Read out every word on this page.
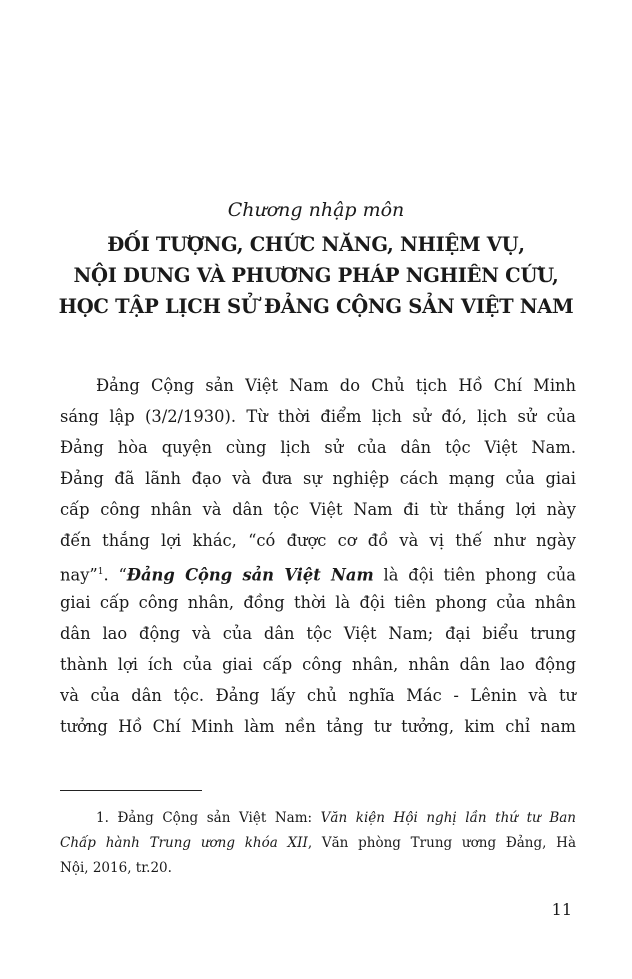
Chương nhập môn
ĐỐI TƯỢNG, CHỨC NĂNG, NHIỆM VỤ,
NỘI DUNG VÀ PHƯƠNG PHÁP NGHIÊN CỨU,
HỌC TẬP LỊCH SỬ ĐẢNG CỘNG SẢN VIỆT NAM
Đảng Cộng sản Việt Nam do Chủ tịch Hồ Chí Minh
sáng lập (3/2/1930). Từ thời điểm lịch sử đó, lịch sử của
Đảng hòa quyện cùng lịch sử của dân tộc Việt Nam.
Đảng đã lãnh đạo và đưa sự nghiệp cách mạng của giai
cấp công nhân và dân tộc Việt Nam đi từ thắng lợi này
đến thắng lợi khác, “có được cơ đồ và vị thế như ngày
nay”$^1$. “Đảng Cộng sản Việt Nam là đội tiên phong của
giai cấp công nhân, đồng thời là đội tiên phong của nhân
dân lao động và của dân tộc Việt Nam; đại biểu trung
thành lợi ích của giai cấp công nhân, nhân dân lao động
và của dân tộc. Đảng lấy chủ nghĩa Mác - Lênin và tư
tưởng Hồ Chí Minh làm nền tảng tư tưởng, kim chỉ nam
1. Đảng Cộng sản Việt Nam: Văn kiện Hội nghị lần thứ tư Ban
Chấp hành Trung ương khóa XII, Văn phòng Trung ương Đảng, Hà
Nội, 2016, tr.20.
11
